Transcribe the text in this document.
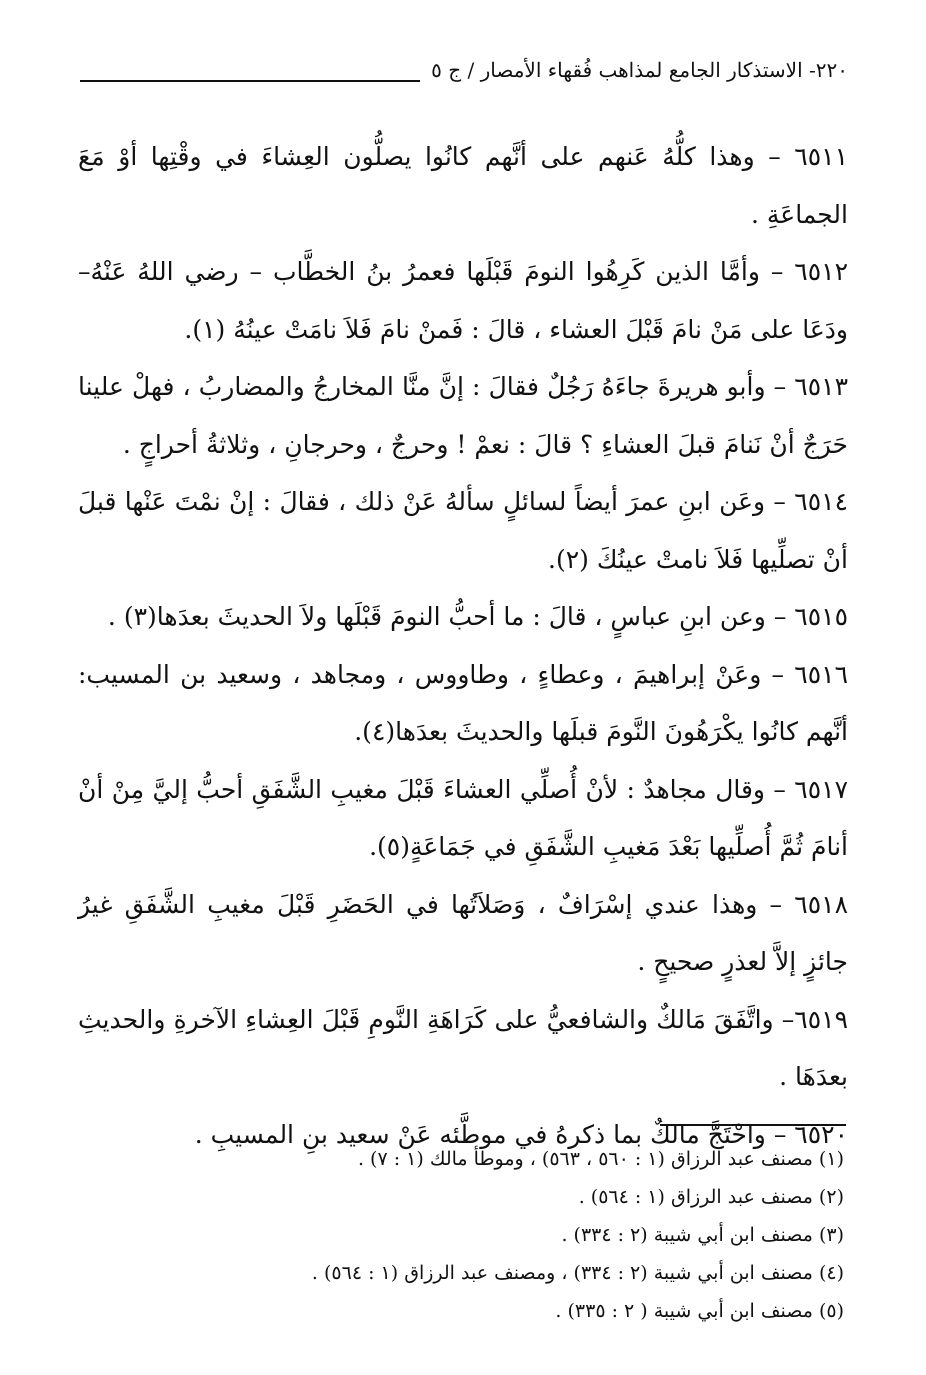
٢٢٠- الاستذكار الجامع لمذاهب فُقهاء الأمصار / ج ٥

٦٥١١ – وهذا كلُّهُ عَنهم على أنَّهم كانُوا يصلُّون العِشاءَ في وقْتِها أوْ مَعَ الجماعَةِ .

٦٥١٢ – وأمَّا الذين كَرِهُوا النومَ قَبْلَها فعمرُ بنُ الخطَّاب – رضي اللهُ عَنْهُ– ودَعَا على مَنْ نامَ قَبْلَ العشاء ، قالَ : فَمنْ نامَ فَلاَ نامَتْ عينُهُ (١).

٦٥١٣ – وأبو هريرةَ جاءَهُ رَجُلٌ فقالَ : إنَّ منَّا المخارجُ والمضاربُ ، فهلْ علينا حَرَجٌ أنْ نَنامَ قبلَ العشاءِ ؟ قالَ : نعمْ ! وحرجٌ ، وحرجانِ ، وثلاثةُ أحراجٍ .

٦٥١٤ – وعَن ابنِ عمرَ أيضاً لسائلٍ سألهُ عَنْ ذلك ، فقالَ : إنْ نمْتَ عَنْها قبلَ أنْ تصلِّيها فَلاَ نامتْ عينُكَ (٢).

٦٥١٥ – وعن ابنِ عباسٍ ، قالَ : ما أحبُّ النومَ قَبْلَها ولاَ الحديثَ بعدَها(٣) .

٦٥١٦ – وعَنْ إبراهيمَ ، وعطاءٍ ، وطاووس ، ومجاهد ، وسعيد بن المسيب: أنَّهم كانُوا يكْرَهُونَ النَّومَ قبلَها والحديثَ بعدَها(٤).

٦٥١٧ – وقال مجاهدٌ : لأنْ أُصلِّي العشاءَ قَبْلَ مغيبِ الشَّفَقِ أحبُّ إليَّ مِنْ أنْ أنامَ ثُمَّ أُصلِّيها بَعْدَ مَغيبِ الشَّفَقِ في جَمَاعَةٍ(٥).

٦٥١٨ – وهذا عندي إسْرَافٌ ، وَصَلاَتُها في الحَضَرِ قَبْلَ مغيبِ الشَّفَقِ غيرُ جائزٍ إلاَّ لعذرٍ صحيحٍ .

٦٥١٩– واتَّفَقَ مَالكٌ والشافعيُّ على كَرَاهَةِ النَّومِ قَبْلَ العِشاءِ الآخرةِ والحديثِ بعدَهَا .

٦٥٢٠ – واحْتَجَّ مالكٌ بما ذكرهُ في موطَّئه عَنْ سعيد بنِ المسيبِ .

(١) مصنف عبد الرزاق (١ : ٥٦٠ ، ٥٦٣) ، وموطأ مالك (١ : ٧) .

(٢) مصنف عبد الرزاق (١ : ٥٦٤) .

(٣) مصنف ابن أبي شيبة (٢ : ٣٣٤) .

(٤) مصنف ابن أبي شيبة (٢ : ٣٣٤) ، ومصنف عبد الرزاق (١ : ٥٦٤) .

(٥) مصنف ابن أبي شيبة ( ٢ : ٣٣٥) .
